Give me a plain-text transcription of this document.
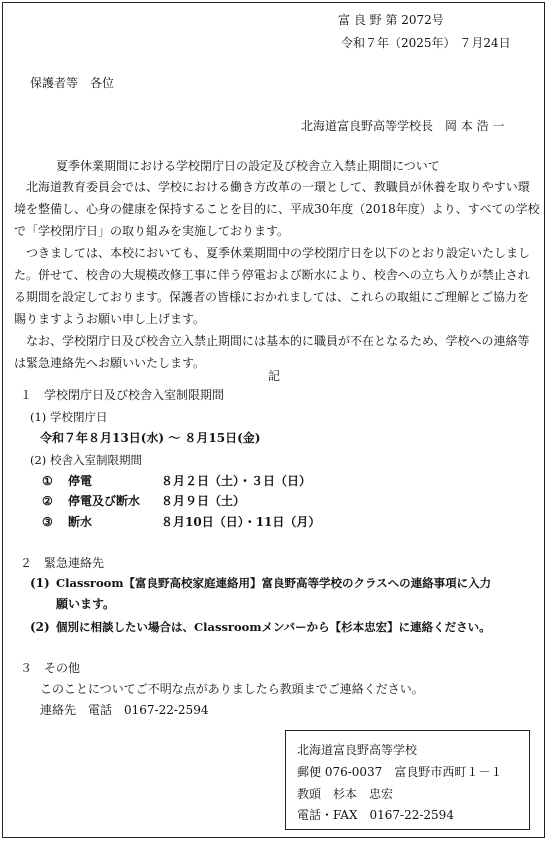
富 良 野 第 2072号
令和７年（2025年） ７月24日
保護者等　各位
北海道富良野高等学校長　岡 本 浩 一
夏季休業期間における学校閉庁日の設定及び校舎立入禁止期間について

北海道教育委員会では、学校における働き方改革の一環として、教職員が休養を取りやすい環境を整備し、心身の健康を保持することを目的に、平成30年度（2018年度）より、すべての学校で「学校閉庁日」の取り組みを実施しております。

つきましては、本校においても、夏季休業期間中の学校閉庁日を以下のとおり設定いたしました。併せて、校舎の大規模改修工事に伴う停電および断水により、校舎への立ち入りが禁止される期間を設定しております。保護者の皆様におかれましては、これらの取組にご理解とご協力を賜りますようお願い申し上げます。

なお、学校閉庁日及び校舎立入禁止期間には基本的に職員が不在となるため、学校への連絡等は緊急連絡先へお願いいたします。

記
１　学校閉庁日及び校舎入室制限期間
(1) 学校閉庁日
令和７年８月13日(水) 〜 ８月15日(金)
(2) 校舎入室制限期間
① 停電	８月２日（土）・３日（日）
② 停電及び断水 ８月９日（土）
③ 断水	８月10日（日）・11日（月）
２　緊急連絡先
(1) Classroom【富良野高校家庭連絡用】富良野高等学校のクラスへの連絡事項に入力
願います。
(2) 個別に相談したい場合は、Classroomメンバーから【杉本忠宏】に連絡ください。
３　その他
このことについてご不明な点がありましたら教頭までご連絡ください。
連絡先　電話　0167-22-2594
北海道富良野高等学校
郵便 076-0037　富良野市西町１－１
教頭　杉本　忠宏
電話・FAX　0167-22-2594
